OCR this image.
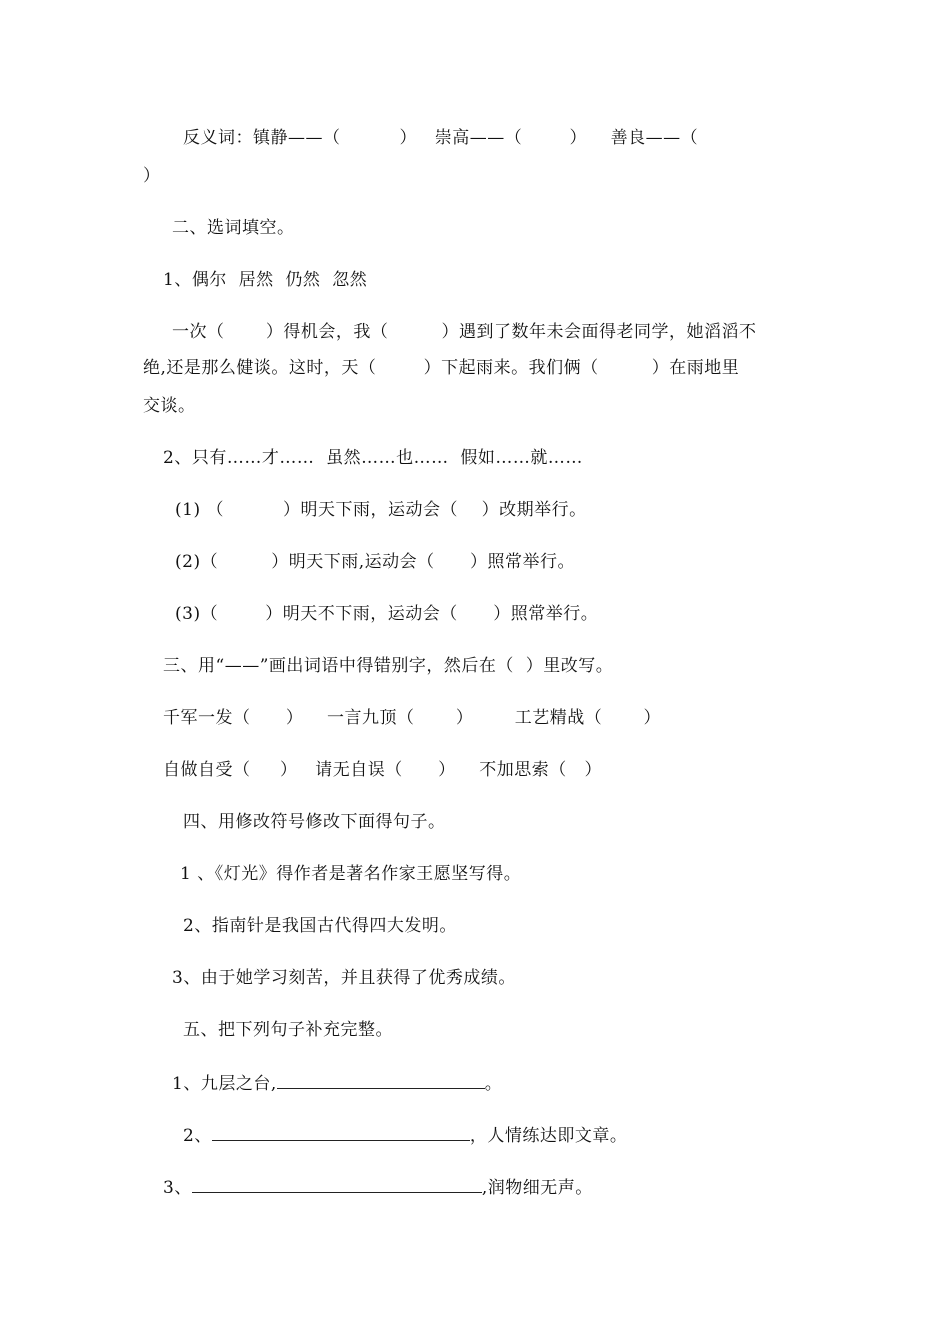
反义词：镇静——（          ）   崇高——（        ）    善良——（
）
二、选词填空。
1、偶尔  居然  仍然  忽然
一次（       ）得机会，我（         ）遇到了数年未会面得老同学，她滔滔不
绝,还是那么健谈。这时，天（        ）下起雨来。我们俩（         ）在雨地里
交谈。
2、只有……才……  虽然……也……  假如……就……
(1) （          ）明天下雨，运动会（    ）改期举行。
(2)（         ）明天下雨,运动会（      ）照常举行。
(3)（        ）明天不下雨，运动会（      ）照常举行。
三、用“——”画出词语中得错别字，然后在（  ）里改写。
千军一发（      ）    一言九顶（       ）       工艺精战（       ）
自做自受（     ）   请无自误（      ）    不加思索（   ）
四、用修改符号修改下面得句子。
1 、《灯光》得作者是著名作家王愿坚写得。
2、指南针是我国古代得四大发明。
3、由于她学习刻苦，并且获得了优秀成绩。
五、把下列句子补充完整。
1、九层之台,	。
2、	，人情练达即文章。
3、	,润物细无声。
